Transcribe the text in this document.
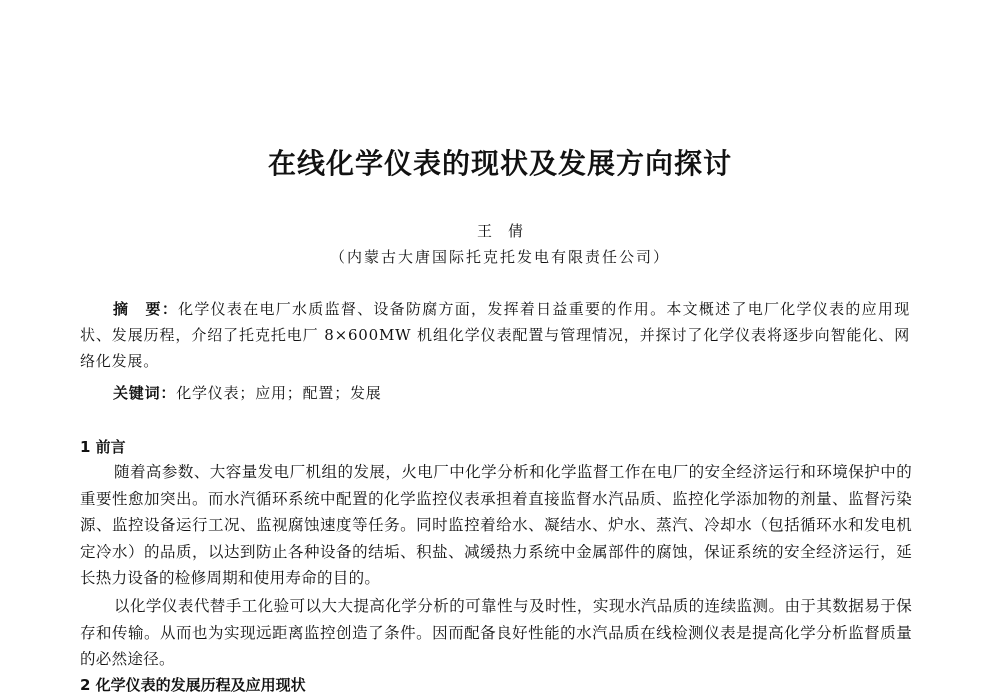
在线化学仪表的现状及发展方向探讨
王倩
（内蒙古大唐国际托克托发电有限责任公司）

摘　要：化学仪表在电厂水质监督、设备防腐方面，发挥着日益重要的作用。本文概述了电厂化学仪表的应用现状、发展历程，介绍了托克托电厂 8×600MW 机组化学仪表配置与管理情况，并探讨了化学仪表将逐步向智能化、网络化发展。

关键词：化学仪表；应用；配置；发展
1 前言

随着高参数、大容量发电厂机组的发展，火电厂中化学分析和化学监督工作在电厂的安全经济运行和环境保护中的重要性愈加突出。而水汽循环系统中配置的化学监控仪表承担着直接监督水汽品质、监控化学添加物的剂量、监督污染源、监控设备运行工况、监视腐蚀速度等任务。同时监控着给水、凝结水、炉水、蒸汽、冷却水（包括循环水和发电机定冷水）的品质，以达到防止各种设备的结垢、积盐、减缓热力系统中金属部件的腐蚀，保证系统的安全经济运行，延长热力设备的检修周期和使用寿命的目的。

以化学仪表代替手工化验可以大大提高化学分析的可靠性与及时性，实现水汽品质的连续监测。由于其数据易于保存和传输。从而也为实现远距离监控创造了条件。因而配备良好性能的水汽品质在线检测仪表是提高化学分析监督质量的必然途径。

2 化学仪表的发展历程及应用现状
